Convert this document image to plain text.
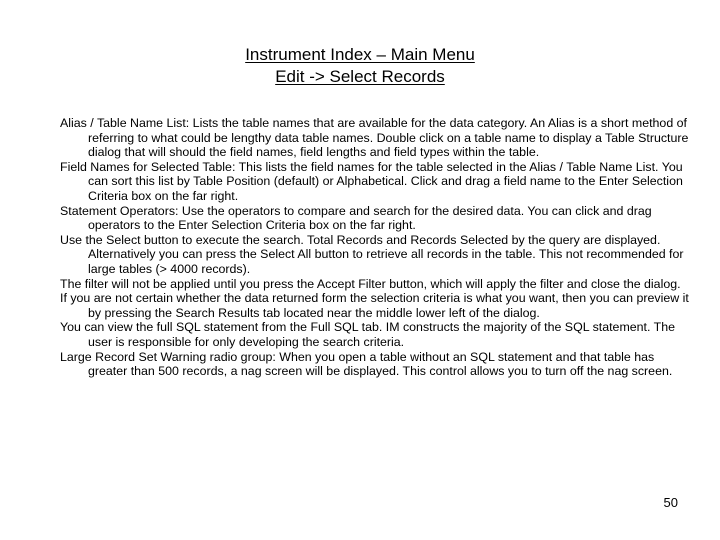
Instrument Index – Main Menu
Edit -> Select Records

Alias / Table Name List: Lists the table names that are available for the data category. An Alias is a short method of referring to what could be lengthy data table names. Double click on a table name to display a Table Structure dialog that will should the field names, field lengths and field types within the table.

Field Names for Selected Table: This lists the field names for the table selected in the Alias / Table Name List. You can sort this list by Table Position (default) or Alphabetical. Click and drag a field name to the Enter Selection Criteria box on the far right.

Statement Operators: Use the operators to compare and search for the desired data. You can click and drag operators to the Enter Selection Criteria box on the far right.

Use the Select button to execute the search. Total Records and Records Selected by the query are displayed. Alternatively you can press the Select All button to retrieve all records in the table. This not recommended for large tables (> 4000 records).

The filter will not be applied until you press the Accept Filter button, which will apply the filter and close the dialog.

If you are not certain whether the data returned form the selection criteria is what you want, then you can preview it by pressing the Search Results tab located near the middle lower left of the dialog.

You can view the full SQL statement from the Full SQL tab. IM constructs the majority of the SQL statement. The user is responsible for only developing the search criteria.

Large Record Set Warning radio group: When you open a table without an SQL statement and that table has greater than 500 records, a nag screen will be displayed. This control allows you to turn off the nag screen.

50
